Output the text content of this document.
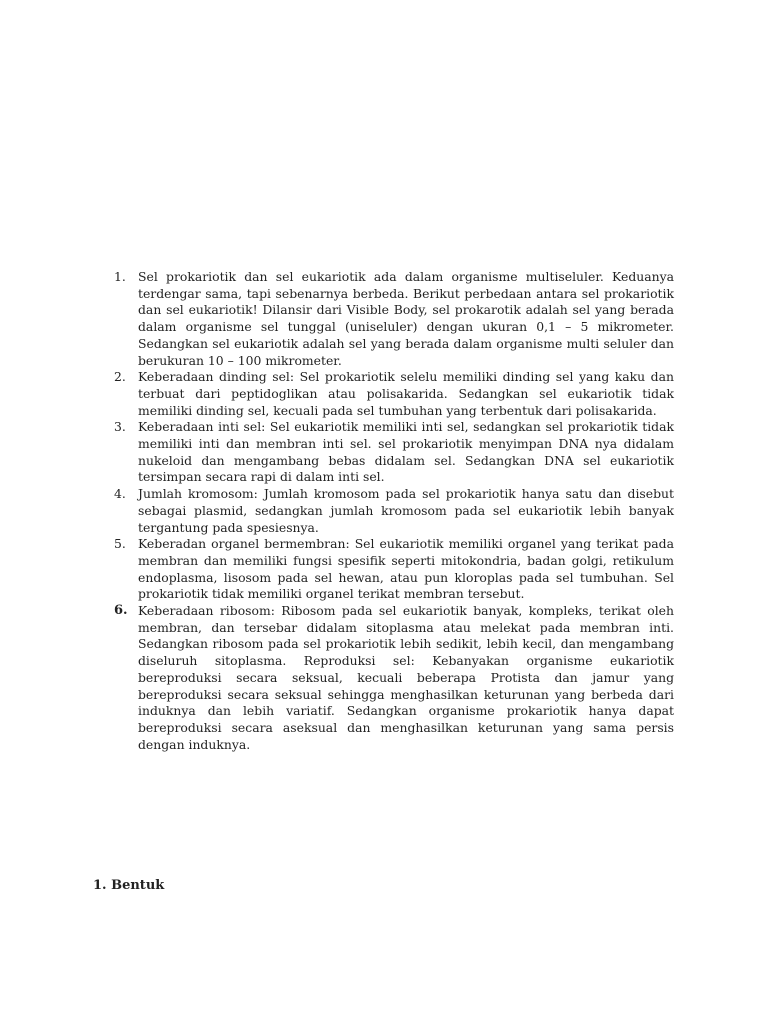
1. Sel prokariotik dan sel eukariotik ada dalam organisme multiseluler. Keduanya terdengar sama, tapi sebenarnya berbeda. Berikut perbedaan antara sel prokariotik dan sel eukariotik! Dilansir dari Visible Body, sel prokarotik adalah sel yang berada dalam organisme sel tunggal (uniseluler) dengan ukuran 0,1 – 5 mikrometer. Sedangkan sel eukariotik adalah sel yang berada dalam organisme multi seluler dan berukuran 10 – 100 mikrometer.
2. Keberadaan dinding sel: Sel prokariotik selelu memiliki dinding sel yang kaku dan terbuat dari peptidoglikan atau polisakarida. Sedangkan sel eukariotik tidak memiliki dinding sel, kecuali pada sel tumbuhan yang terbentuk dari polisakarida.
3. Keberadaan inti sel: Sel eukariotik memiliki inti sel, sedangkan sel prokariotik tidak memiliki inti dan membran inti sel. sel prokariotik menyimpan DNA nya didalam nukeloid dan mengambang bebas didalam sel. Sedangkan DNA sel eukariotik tersimpan secara rapi di dalam inti sel.
4. Jumlah kromosom: Jumlah kromosom pada sel prokariotik hanya satu dan disebut sebagai plasmid, sedangkan jumlah kromosom pada sel eukariotik lebih banyak tergantung pada spesiesnya.
5. Keberadan organel bermembran: Sel eukariotik memiliki organel yang terikat pada membran dan memiliki fungsi spesifik seperti mitokondria, badan golgi, retikulum endoplasma, lisosom pada sel hewan, atau pun kloroplas pada sel tumbuhan. Sel prokariotik tidak memiliki organel terikat membran tersebut.
6. Keberadaan ribosom: Ribosom pada sel eukariotik banyak, kompleks, terikat oleh membran, dan tersebar didalam sitoplasma atau melekat pada membran inti. Sedangkan ribosom pada sel prokariotik lebih sedikit, lebih kecil, dan mengambang diseluruh sitoplasma. Reproduksi sel: Kebanyakan organisme eukariotik bereproduksi secara seksual, kecuali beberapa Protista dan jamur yang bereproduksi secara seksual sehingga menghasilkan keturunan yang berbeda dari induknya dan lebih variatif. Sedangkan organisme prokariotik hanya dapat bereproduksi secara aseksual dan menghasilkan keturunan yang sama persis dengan induknya.
1. Bentuk
